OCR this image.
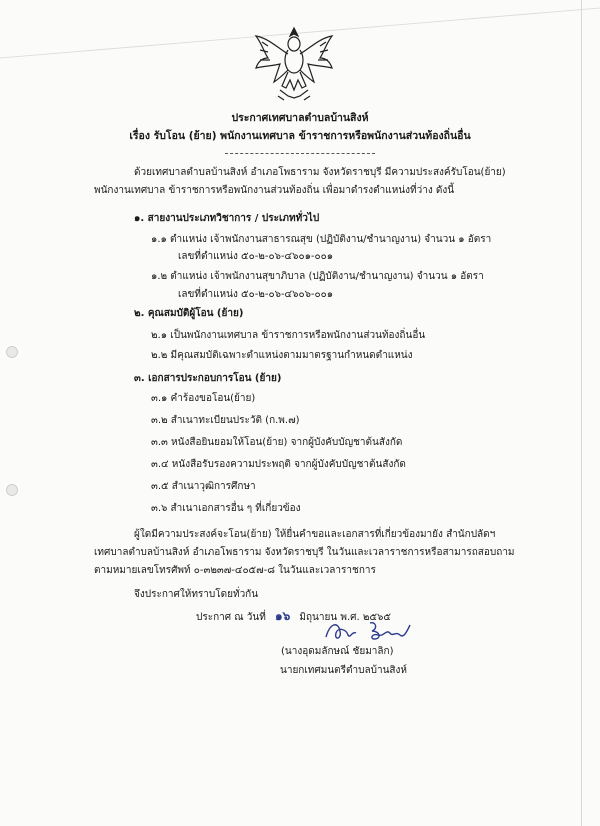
ประกาศเทศบาลตำบลบ้านสิงห์
เรื่อง รับโอน (ย้าย) พนักงานเทศบาล ข้าราชการหรือพนักงานส่วนท้องถิ่นอื่น
ด้วยเทศบาลตำบลบ้านสิงห์ อำเภอโพธาราม จังหวัดราชบุรี มีความประสงค์รับโอน(ย้าย)
พนักงานเทศบาล ข้าราชการหรือพนักงานส่วนท้องถิ่น เพื่อมาดำรงตำแหน่งที่ว่าง ดังนี้
๑. สายงานประเภทวิชาการ / ประเภททั่วไป
๑.๑ ตำแหน่ง เจ้าพนักงานสาธารณสุข (ปฏิบัติงาน/ชำนาญงาน) จำนวน ๑ อัตรา
เลขที่ตำแหน่ง ๕๐-๒-๐๖-๔๖๐๑-๐๐๑
๑.๒ ตำแหน่ง เจ้าพนักงานสุขาภิบาล (ปฏิบัติงาน/ชำนาญงาน) จำนวน ๑ อัตรา
เลขที่ตำแหน่ง ๕๐-๒-๐๖-๔๖๐๖-๐๐๑
๒. คุณสมบัติผู้โอน (ย้าย)
๒.๑ เป็นพนักงานเทศบาล ข้าราชการหรือพนักงานส่วนท้องถิ่นอื่น
๒.๒ มีคุณสมบัติเฉพาะตำแหน่งตามมาตรฐานกำหนดตำแหน่ง
๓. เอกสารประกอบการโอน (ย้าย)
๓.๑ คำร้องขอโอน(ย้าย)
๓.๒ สำเนาทะเบียนประวัติ (ก.พ.๗)
๓.๓ หนังสือยินยอมให้โอน(ย้าย) จากผู้บังคับบัญชาต้นสังกัด
๓.๔ หนังสือรับรองความประพฤติ จากผู้บังคับบัญชาต้นสังกัด
๓.๕ สำเนาวุฒิการศึกษา
๓.๖ สำเนาเอกสารอื่น ๆ ที่เกี่ยวข้อง
ผู้ใดมีความประสงค์จะโอน(ย้าย) ให้ยื่นคำขอและเอกสารที่เกี่ยวข้องมายัง สำนักปลัดฯ
เทศบาลตำบลบ้านสิงห์ อำเภอโพธาราม จังหวัดราชบุรี ในวันและเวลาราชการหรือสามารถสอบถาม
ตามหมายเลขโทรศัพท์ ๐-๓๒๓๗-๔๐๕๗-๘ ในวันและเวลาราชการ
จึงประกาศให้ทราบโดยทั่วกัน
ประกาศ ณ วันที่ ๑๖ มิถุนายน พ.ศ. ๒๕๖๕
(นางอุดมลักษณ์ ชัยมาลิก)
นายกเทศมนตรีตำบลบ้านสิงห์
